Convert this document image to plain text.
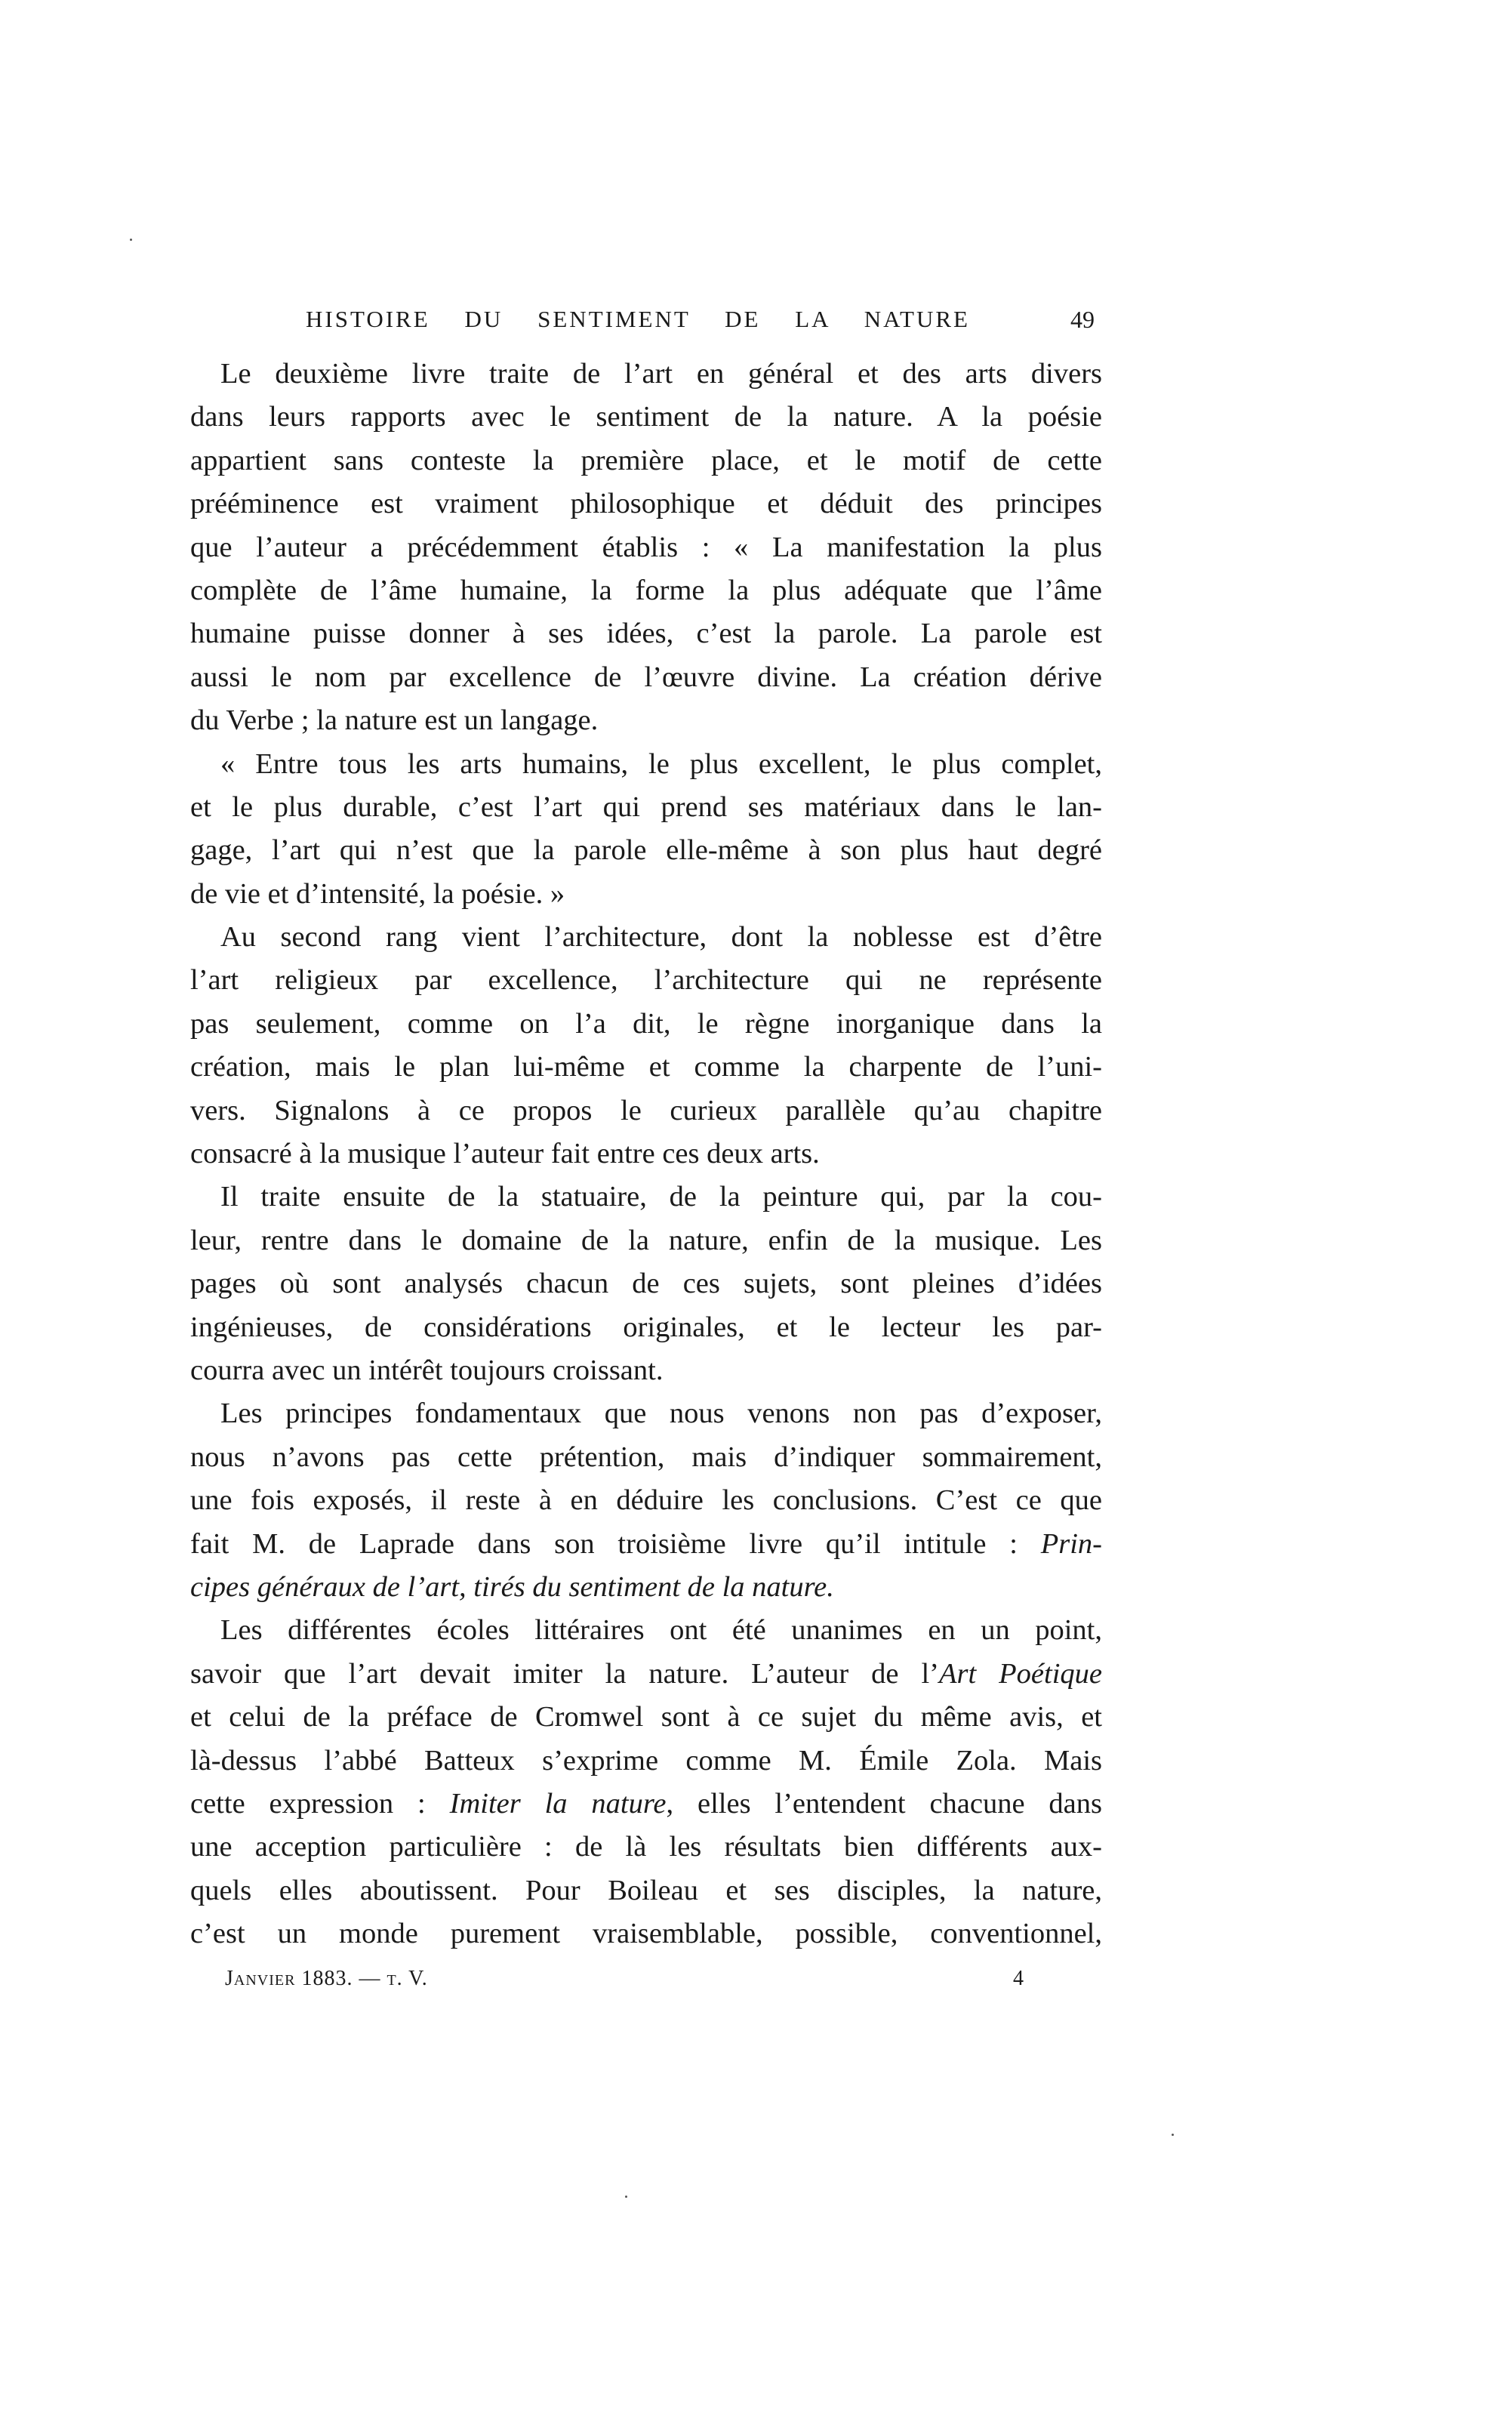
HISTOIRE DU SENTIMENT DE LA NATURE	49
Le deuxième livre traite de l’art en général et des arts divers
dans leurs rapports avec le sentiment de la nature. A la poésie
appartient sans conteste la première place, et le motif de cette
prééminence est vraiment philosophique et déduit des principes
que l’auteur a précédemment établis : « La manifestation la plus
complète de l’âme humaine, la forme la plus adéquate que l’âme
humaine puisse donner à ses idées, c’est la parole. La parole est
aussi le nom par excellence de l’œuvre divine. La création dérive
du Verbe ; la nature est un langage.
« Entre tous les arts humains, le plus excellent, le plus complet,
et le plus durable, c’est l’art qui prend ses matériaux dans le lan-
gage, l’art qui n’est que la parole elle-même à son plus haut degré
de vie et d’intensité, la poésie. »
Au second rang vient l’architecture, dont la noblesse est d’être
l’art religieux par excellence, l’architecture qui ne représente
pas seulement, comme on l’a dit, le règne inorganique dans la
création, mais le plan lui-même et comme la charpente de l’uni-
vers. Signalons à ce propos le curieux parallèle qu’au chapitre
consacré à la musique l’auteur fait entre ces deux arts.
Il traite ensuite de la statuaire, de la peinture qui, par la cou-
leur, rentre dans le domaine de la nature, enfin de la musique. Les
pages où sont analysés chacun de ces sujets, sont pleines d’idées
ingénieuses, de considérations originales, et le lecteur les par-
courra avec un intérêt toujours croissant.
Les principes fondamentaux que nous venons non pas d’exposer,
nous n’avons pas cette prétention, mais d’indiquer sommairement,
une fois exposés, il reste à en déduire les conclusions. C’est ce que
fait M. de Laprade dans son troisième livre qu’il intitule : Prin-
cipes généraux de l’art, tirés du sentiment de la nature.
Les différentes écoles littéraires ont été unanimes en un point,
savoir que l’art devait imiter la nature. L’auteur de l’Art Poétique
et celui de la préface de Cromwel sont à ce sujet du même avis, et
là-dessus l’abbé Batteux s’exprime comme M. Émile Zola. Mais
cette expression : Imiter la nature, elles l’entendent chacune dans
une acception particulière : de là les résultats bien différents aux-
quels elles aboutissent. Pour Boileau et ses disciples, la nature,
c’est un monde purement vraisemblable, possible, conventionnel,
Janvier 1883. — t. V.	4
